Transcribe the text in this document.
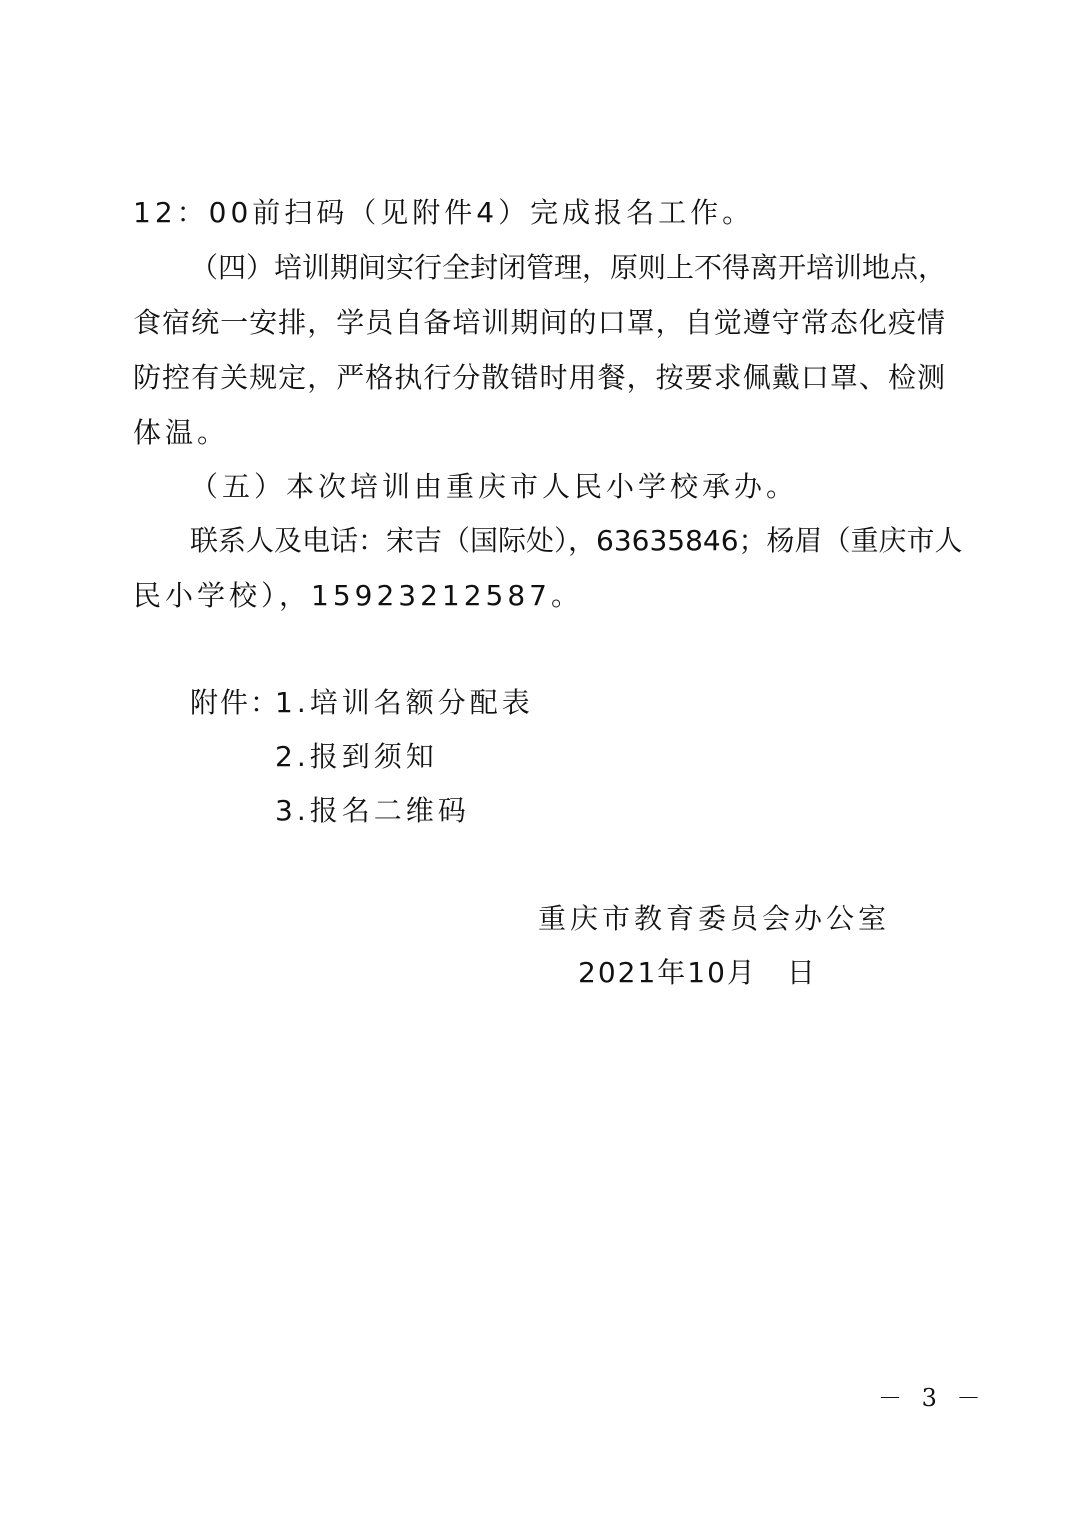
12：00前扫码（见附件4）完成报名工作。
（四）培训期间实行全封闭管理，原则上不得离开培训地点，
食宿统一安排，学员自备培训期间的口罩，自觉遵守常态化疫情
防控有关规定，严格执行分散错时用餐，按要求佩戴口罩、检测
体温。
（五）本次培训由重庆市人民小学校承办。
联系人及电话：宋吉（国际处），63635846；杨眉（重庆市人
民小学校），15923212587。
附件：
1.培训名额分配表
2.报到须知
3.报名二维码
重庆市教育委员会办公室
2021年10月　日
－ 3 －
